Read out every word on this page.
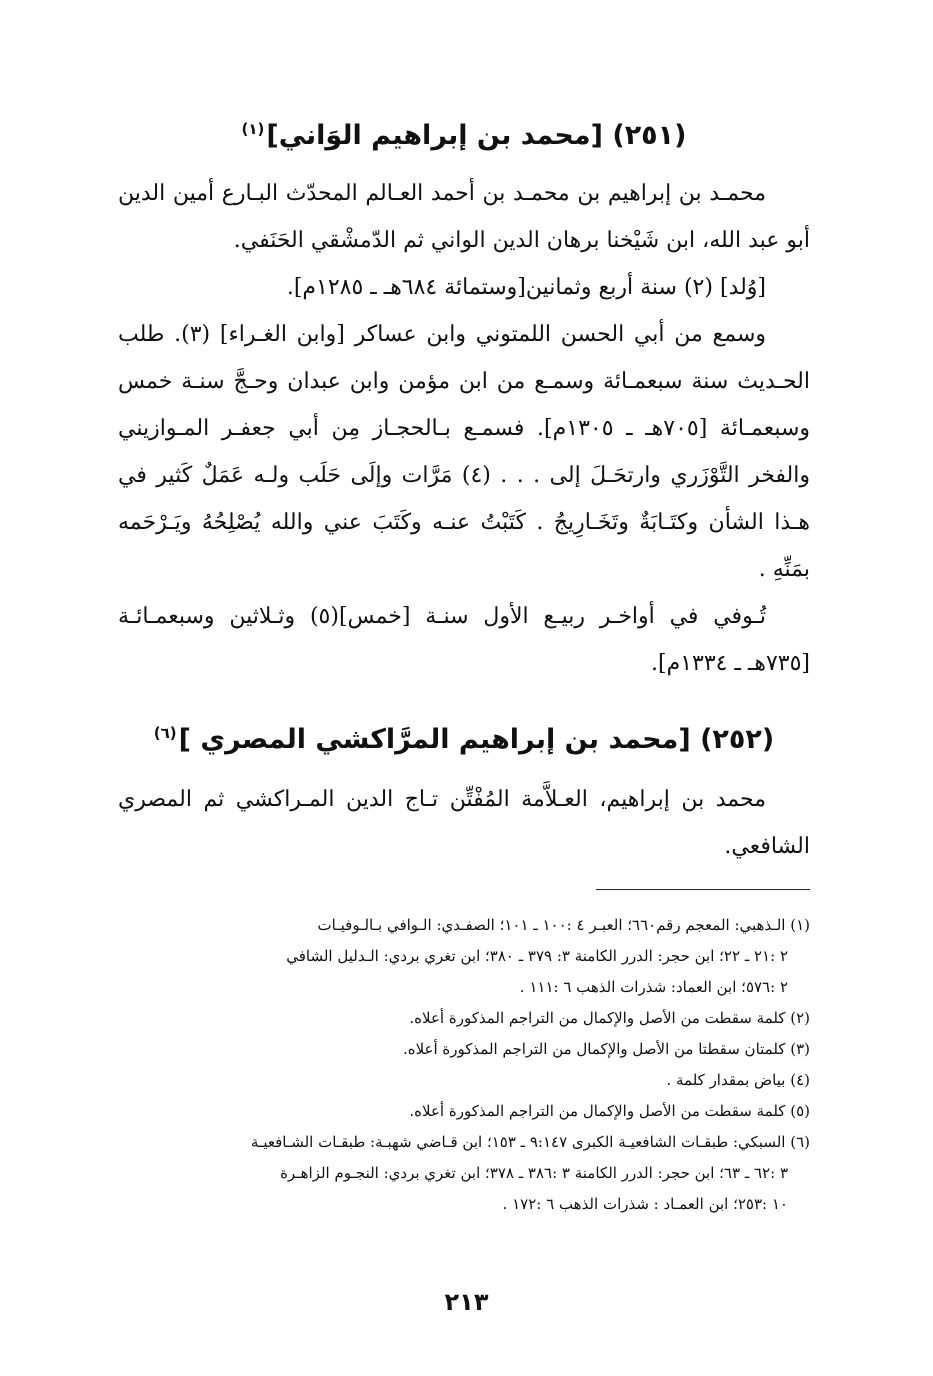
(٢٥١) [محمد بن إبراهيم الوَاني]$^{(١)}$

محمـد بن إبراهيم بن محمـد بن أحمد العـالم المحدّث البـارع أمين الدين أبو عبد الله، ابن شَيْخنا برهان الدين الواني ثم الدّمشْقي الحَنَفي.

[وُلد] (٢) سنة أربع وثمانين[وستمائة ٦٨٤هـ ـ ١٢٨٥م].

وسمع من أبي الحسن اللمتوني وابن عساكر [وابن الغـراء] (٣). طلب الحـديث سنة سبعمـائة وسمـع من ابن مؤمن وابن عبدان وحـجَّ سنـة خمس وسبعمـائة [٧٠٥هـ ـ ١٣٠٥م]. فسمـع بـالحجـاز مِن أبي جعفـر المـوازيني والفخر التَّوْزَري وارتحَـلَ إلى . . . (٤) مَرَّات وإلَى حَلَب ولـه عَمَلٌ كَثير في هـذا الشأن وكتَـابَةٌ وتَخَـارِيجُ . كَتَبْتُ عنـه وكَتَبَ عني والله يُصْلِحُهُ ويَـرْحَمه بمَنِّهِ .

تُـوفي في أواخـر ربيـع الأول سنـة [خمس](٥) وثـلاثين وسبعمـائـة [٧٣٥هـ ـ ١٣٣٤م].

(٢٥٢) [محمد بن إبراهيم المرَّاكشي المصري ]$^{(٦)}$

محمد بن إبراهيم، العـلاَّمة المُفْتِّن تـاج الدين المـراكشي ثم المصري الشافعي.

(١) الـذهبي: المعجم رقم٦٦٠؛ العبـر ٤ :١٠٠ ـ ١٠١؛ الصفـدي: الـوافي بـالـوفيـات
٢ :٢١ ـ ٢٢؛ ابن حجر: الدرر الكامنة ٣: ٣٧٩ ـ ٣٨٠؛ ابن تغري بردي: الـدليل الشافي
٢ :٥٧٦؛ ابن العماد: شذرات الذهب ٦ :١١١ .

(٢) كلمة سقطت من الأصل والإكمال من التراجم المذكورة أعلاه.

(٣) كلمتان سقطتا من الأصل والإكمال من التراجم المذكورة أعلاه.

(٤) بياض بمقدار كلمة .

(٥) كلمة سقطت من الأصل والإكمال من التراجم المذكورة أعلاه.

(٦) السبكي: طبقـات الشافعيـة الكبرى ٩:١٤٧ ـ ١٥٣؛ ابن قـاضي شهبـة: طبقـات الشـافعيـة
٣ :٦٢ ـ ٦٣؛ ابن حجر: الدرر الكامنة ٣ :٣٨٦ ـ ٣٧٨؛ ابن تغري بردي: النجـوم الزاهـرة
١٠ :٢٥٣؛ ابن العمـاد : شذرات الذهب ٦ :١٧٢ .

٢١٣
